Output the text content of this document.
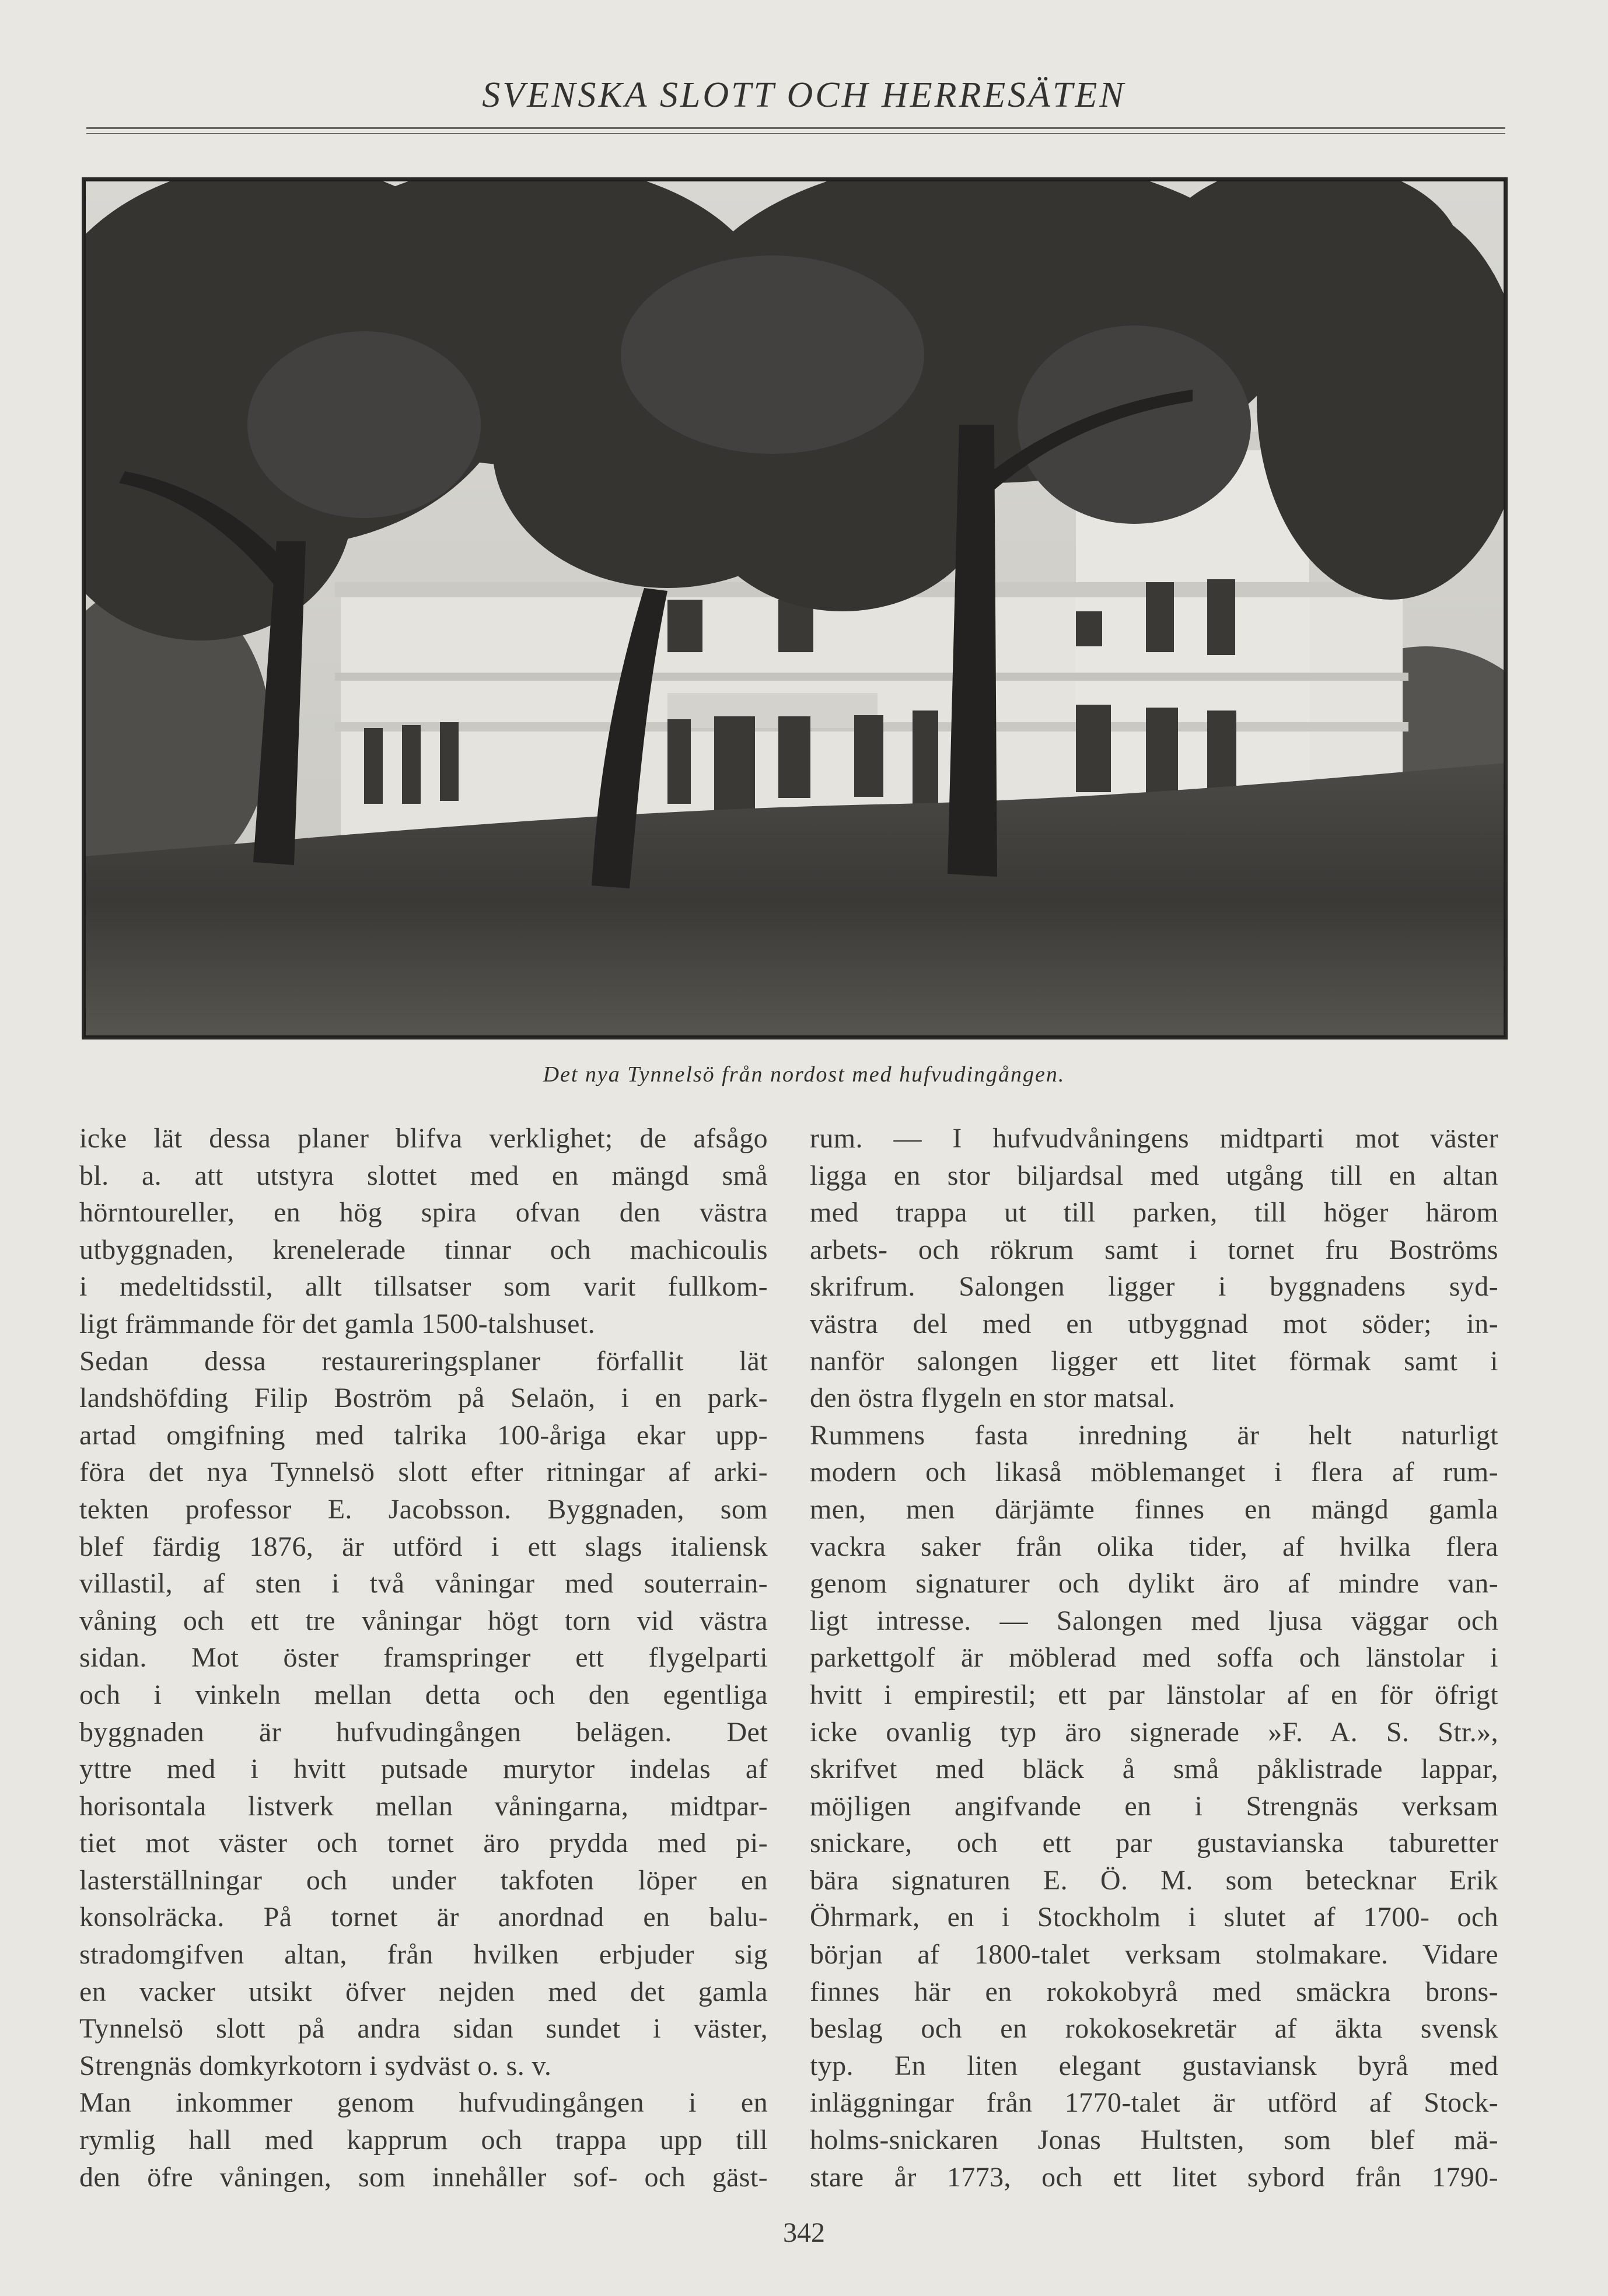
SVENSKA SLOTT OCH HERRESÄTEN
Det nya Tynnelsö från nordost med hufvudingången.

icke lät dessa planer blifva verklighet; de afsågo

bl. a. att utstyra slottet med en mängd små

hörntoureller, en hög spira ofvan den västra

utbyggnaden, krenelerade tinnar och machicoulis

i medeltidsstil, allt tillsatser som varit fullkom-

ligt främmande för det gamla 1500-talshuset.

Sedan dessa restaureringsplaner förfallit lät

landshöfding Filip Boström på Selaön, i en park-

artad omgifning med talrika 100-åriga ekar upp-

föra det nya Tynnelsö slott efter ritningar af arki-

tekten professor E. Jacobsson. Byggnaden, som

blef färdig 1876, är utförd i ett slags italiensk

villastil, af sten i två våningar med souterrain-

våning och ett tre våningar högt torn vid västra

sidan. Mot öster framspringer ett flygelparti

och i vinkeln mellan detta och den egentliga

byggnaden är hufvudingången belägen. Det

yttre med i hvitt putsade murytor indelas af

horisontala listverk mellan våningarna, midtpar-

tiet mot väster och tornet äro prydda med pi-

lasterställningar och under takfoten löper en

konsolräcka. På tornet är anordnad en balu-

stradomgifven altan, från hvilken erbjuder sig

en vacker utsikt öfver nejden med det gamla

Tynnelsö slott på andra sidan sundet i väster,

Strengnäs domkyrkotorn i sydväst o. s. v.

Man inkommer genom hufvudingången i en

rymlig hall med kapprum och trappa upp till

den öfre våningen, som innehåller sof- och gäst-

rum. — I hufvudvåningens midtparti mot väster

ligga en stor biljardsal med utgång till en altan

med trappa ut till parken, till höger härom

arbets- och rökrum samt i tornet fru Boströms

skrifrum. Salongen ligger i byggnadens syd-

västra del med en utbyggnad mot söder; in-

nanför salongen ligger ett litet förmak samt i

den östra flygeln en stor matsal.

Rummens fasta inredning är helt naturligt

modern och likaså möblemanget i flera af rum-

men, men därjämte finnes en mängd gamla

vackra saker från olika tider, af hvilka flera

genom signaturer och dylikt äro af mindre van-

ligt intresse. — Salongen med ljusa väggar och

parkettgolf är möblerad med soffa och länstolar i

hvitt i empirestil; ett par länstolar af en för öfrigt

icke ovanlig typ äro signerade »F. A. S. Str.»,

skrifvet med bläck å små påklistrade lappar,

möjligen angifvande en i Strengnäs verksam

snickare, och ett par gustavianska taburetter

bära signaturen E. Ö. M. som betecknar Erik

Öhrmark, en i Stockholm i slutet af 1700- och

början af 1800-talet verksam stolmakare. Vidare

finnes här en rokokobyrå med smäckra brons-

beslag och en rokokosekretär af äkta svensk

typ. En liten elegant gustaviansk byrå med

inläggningar från 1770-talet är utförd af Stock-

holms-snickaren Jonas Hultsten, som blef mä-

stare år 1773, och ett litet sybord från 1790-

342
